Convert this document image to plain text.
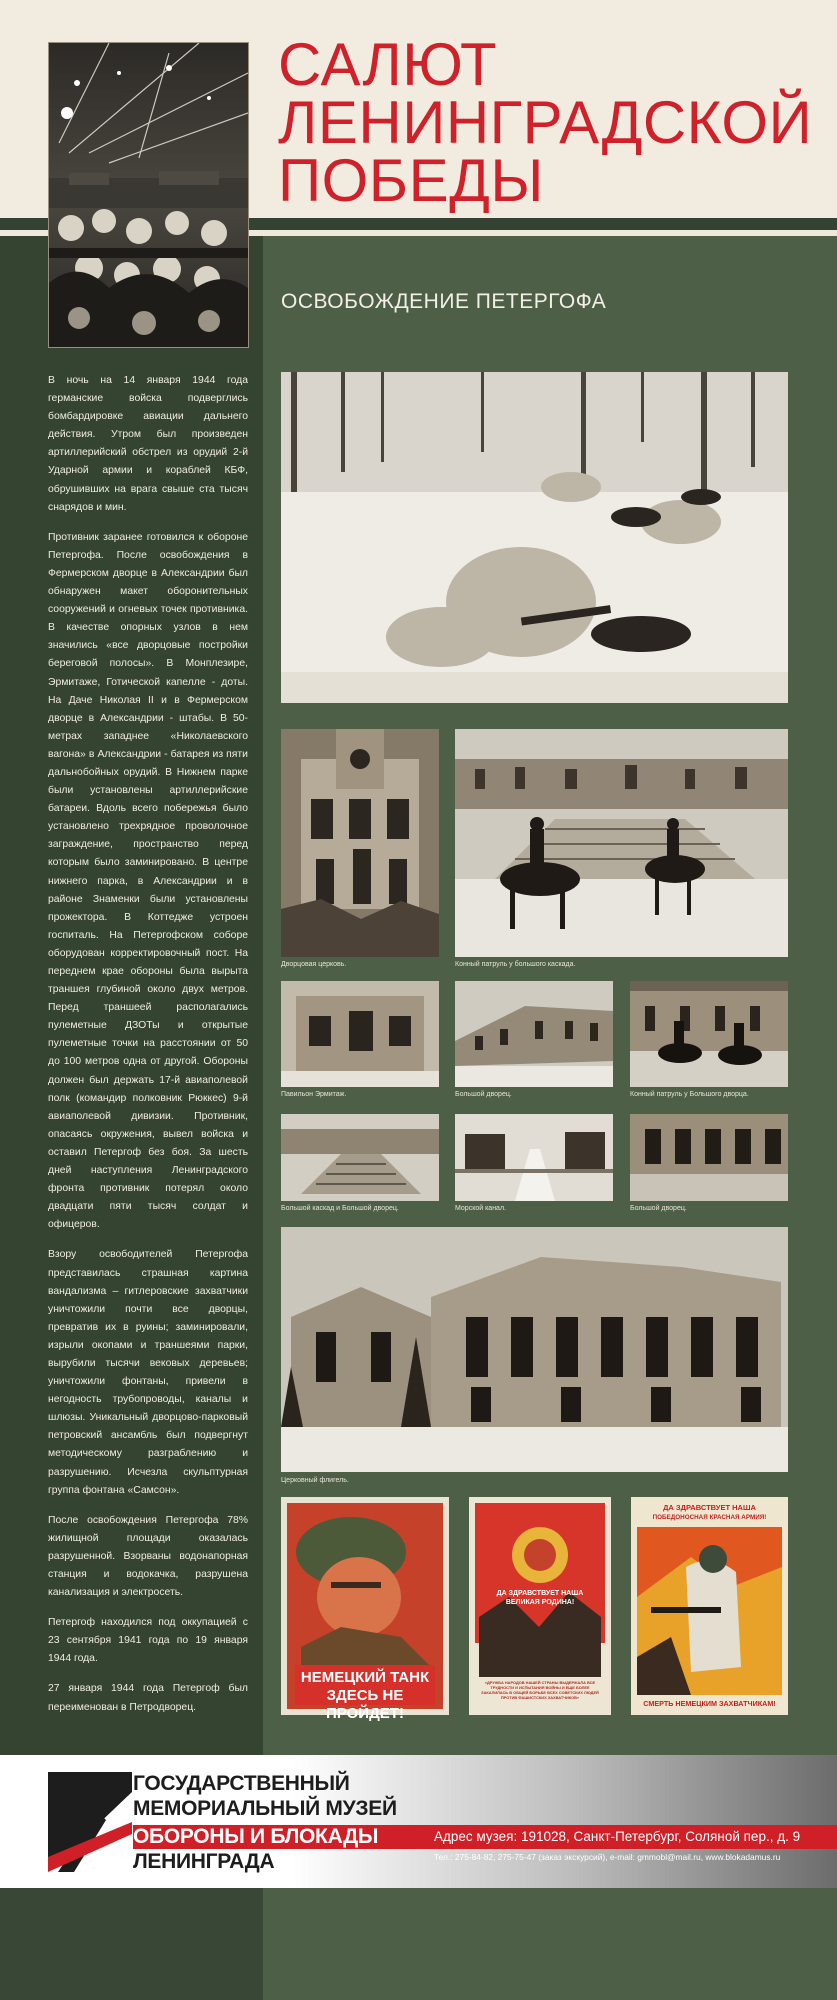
САЛЮТ
ЛЕНИНГРАДСКОЙ
ПОБЕДЫ
ОСВОБОЖДЕНИЕ ПЕТЕРГОФА

В ночь на 14 января 1944 года германские войска подверглись бомбардировке авиации дальнего действия. Утром был произведен артиллерийский обстрел из орудий 2-й Ударной армии и кораблей КБФ, обрушившиx на врага свыше ста тысяч снарядов и мин.

Противник заранее готовился к обороне Петергофа. После освобождения в Фермерском дворце в Александрии был обнаружен макет оборонительных сооружений и огневых точек противника. В качестве опорных узлов в нем значились «все дворцовые постройки береговой полосы». В Монплезире, Эрмитаже, Готической капелле - доты. На Даче Николая II и в Фермерском дворце в Александрии - штабы. В 50-метрах западнее «Николаевского вагона» в Александрии - батарея из пяти дальнобойных орудий. В Нижнем парке были установлены артиллерийские батареи. Вдоль всего побережья было установлено трехрядное проволочное заграждение, пространство перед которым было заминировано. В центре нижнего парка, в Александрии и в районе Знаменки были установлены прожектора. В Коттедже устроен госпиталь. На Петергофском соборе оборудован корректировочный пост. На переднем крае обороны была вырыта траншея глубиной около двух метров. Перед траншеей располагались пулеметные ДЗОТы и открытые пулеметные точки на расстоянии от 50 до 100 метров одна от другой. Обороны должен был держать 17-й авиаполевой полк (командир полковник Рюккес) 9-й авиаполевой дивизии. Противник, опасаясь окружения, вывел войска и оставил Петергоф без боя. За шесть дней наступления Ленинградского фронта противник потерял около двадцати пяти тысяч солдат и офицеров.

Взору освободителей Петергофа представилась страшная картина вандализма – гитлеровские захватчики уничтожили почти все дворцы, превратив их в руины; заминировали, изрыли окопами и траншеями парки, вырубили тысячи вековых деревьев; уничтожили фонтаны, привели в негодность трубопроводы, каналы и шлюзы. Уникальный дворцово-парковый петровский ансамбль был подвергнут методическому разграблению и разрушению. Исчезла скульптурная группа фонтана «Самсон».

После освобождения Петергофа 78% жилищной площади оказалась разрушенной. Взорваны водонапорная станция и водокачка, разрушена канализация и электросеть.

Петергоф находился под оккупацией с 23 сентября 1941 года по 19 января 1944 года.

27 января 1944 года Петергоф был переименован в Петродворец.

Дворцовая церковь.	Конный патруль у большого каскада.
Павильон Эрмитаж.	Большой дворец.	Конный патруль у Большого дворца.
Большой каскад и Большой дворец.	Морской канал.	Большой дворец.
Церковный флигель.
НЕМЕЦКИЙ ТАНК
ЗДЕСЬ НЕ ПРОЙДЕТ!
ДА ЗДРАВСТВУЕТ НАША
ВЕЛИКАЯ РОДИНА!
«ДРУЖБА НАРОДОВ НАШЕЙ СТРАНЫ ВЫДЕРЖАЛА ВСЕ ТРУДНОСТИ И ИСПЫТАНИЯ ВОЙНЫ И ЕЩЕ БОЛЕЕ ЗАКАЛИЛАСЬ В ОБЩЕЙ БОРЬБЕ ВСЕХ СОВЕТСКИХ ЛЮДЕЙ ПРОТИВ ФАШИСТСКИХ ЗАХВАТЧИКОВ»
ДА ЗДРАВСТВУЕТ НАША
ПОБЕДОНОСНАЯ КРАСНАЯ АРМИЯ!
СМЕРТЬ НЕМЕЦКИМ ЗАХВАТЧИКАМ!
ГОСУДАРСТВЕННЫЙ
МЕМОРИАЛЬНЫЙ МУЗЕЙ
ОБОРОНЫ И БЛОКАДЫ
ЛЕНИНГРАДА
Адрес музея: 191028, Санкт-Петербург, Соляной пер., д. 9
Тел.: 275-84-82, 275-75-47 (заказ экскурсий), e-mail: gmmobl@mail.ru, www.blokadamus.ru
